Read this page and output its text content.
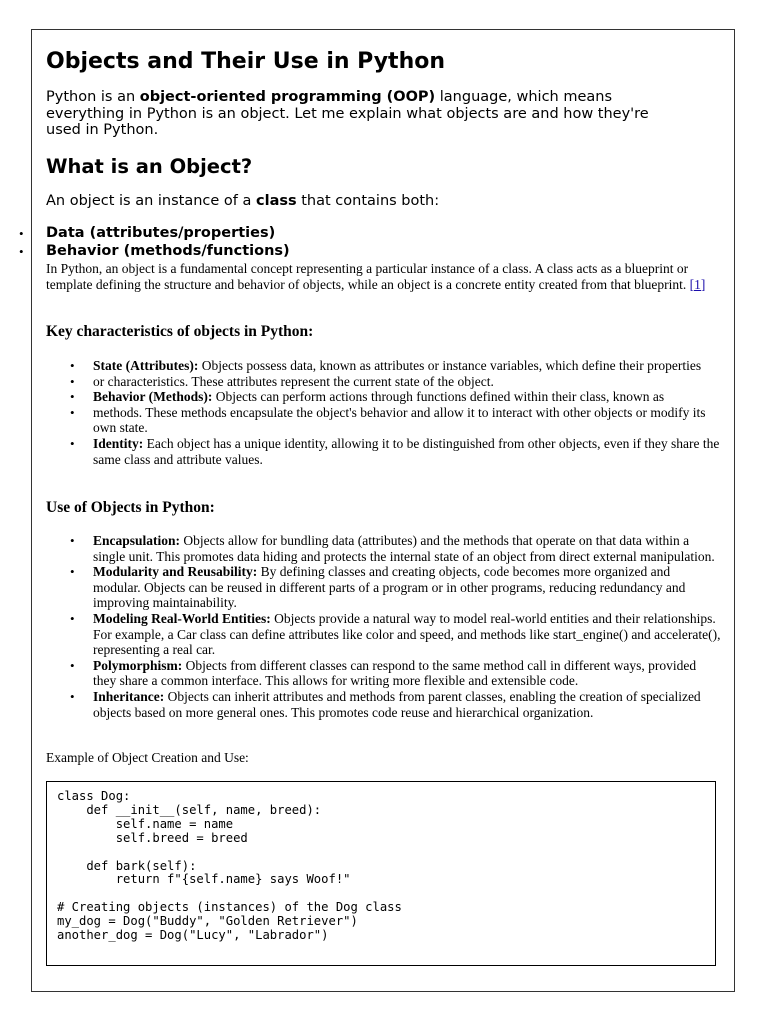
Objects and Their Use in Python

Python is an object-oriented programming (OOP) language, which means everything in Python is an object. Let me explain what objects are and how they're used in Python.

What is an Object?

An object is an instance of a class that contains both:

• Data (attributes/properties)
• Behavior (methods/functions)

In Python, an object is a fundamental concept representing a particular instance of a class. A class acts as a blueprint or template defining the structure and behavior of objects, while an object is a concrete entity created from that blueprint. [1]

Key characteristics of objects in Python:
• State (Attributes): Objects possess data, known as attributes or instance variables, which define their properties
• or characteristics. These attributes represent the current state of the object.
• Behavior (Methods): Objects can perform actions through functions defined within their class, known as
• methods. These methods encapsulate the object's behavior and allow it to interact with other objects or modify its own state.
• Identity: Each object has a unique identity, allowing it to be distinguished from other objects, even if they share the same class and attribute values.
Use of Objects in Python:
• Encapsulation: Objects allow for bundling data (attributes) and the methods that operate on that data within a single unit. This promotes data hiding and protects the internal state of an object from direct external manipulation.
• Modularity and Reusability: By defining classes and creating objects, code becomes more organized and modular. Objects can be reused in different parts of a program or in other programs, reducing redundancy and improving maintainability.
• Modeling Real-World Entities: Objects provide a natural way to model real-world entities and their relationships. For example, a Car class can define attributes like color and speed, and methods like start_engine() and accelerate(), representing a real car.
• Polymorphism: Objects from different classes can respond to the same method call in different ways, provided they share a common interface. This allows for writing more flexible and extensible code.
• Inheritance: Objects can inherit attributes and methods from parent classes, enabling the creation of specialized objects based on more general ones. This promotes code reuse and hierarchical organization.

Example of Object Creation and Use:

class Dog:
def __init__(self, name, breed):
self.name = name
self.breed = breed

def bark(self):
return f"{self.name} says Woof!"

# Creating objects (instances) of the Dog class
my_dog = Dog("Buddy", "Golden Retriever")
another_dog = Dog("Lucy", "Labrador")
